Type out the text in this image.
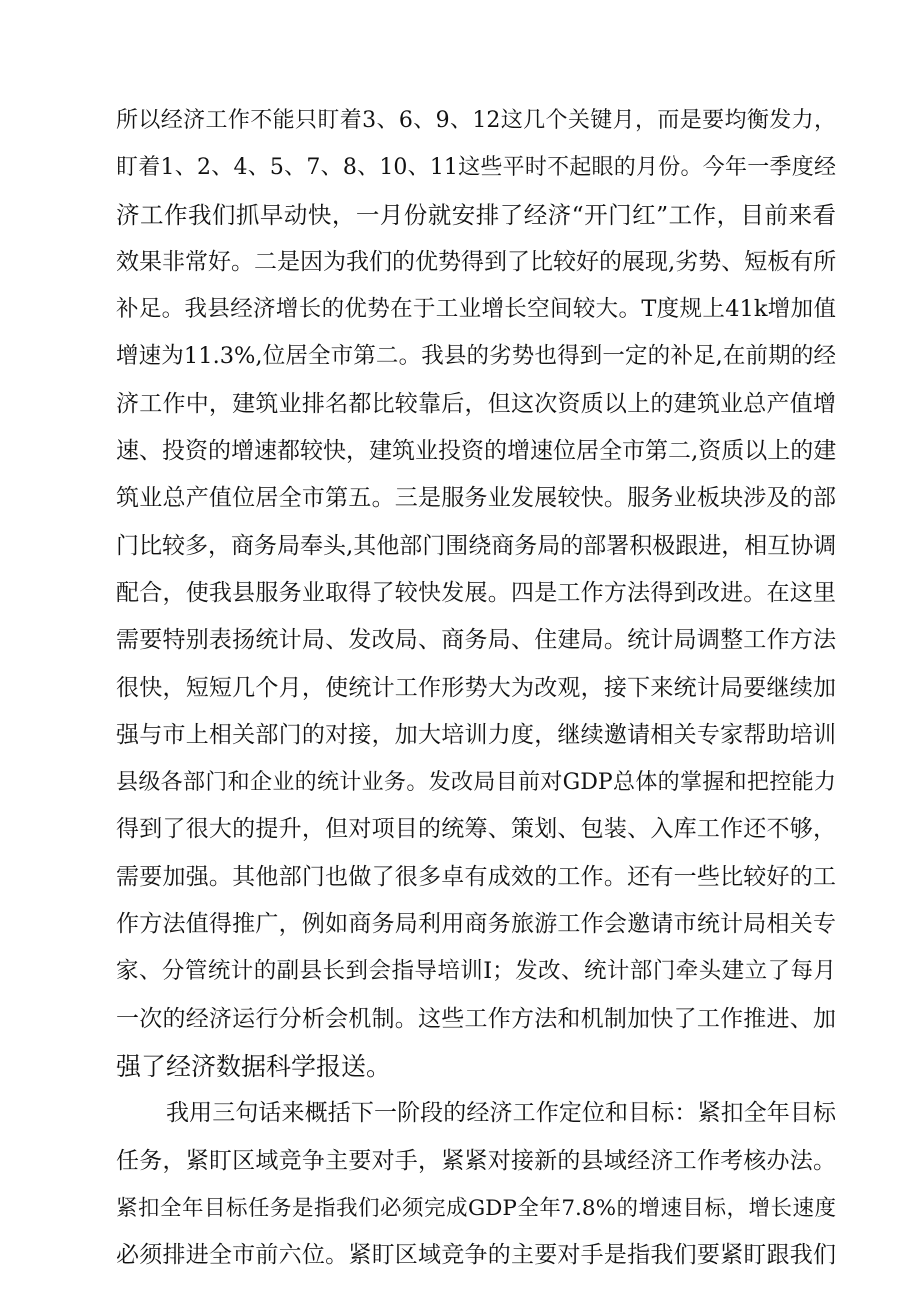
所以经济工作不能只盯着3、6、9、12这几个关键月，而是要均衡发力，
盯着1、2、4、5、7、8、10、11这些平时不起眼的月份。今年一季度经
济工作我们抓早动快，一月份就安排了经济“开门红”工作，目前来看
效果非常好。二是因为我们的优势得到了比较好的展现,劣势、短板有所
补足。我县经济增长的优势在于工业增长空间较大。T度规上41k增加值
增速为11.3%,位居全市第二。我县的劣势也得到一定的补足,在前期的经
济工作中，建筑业排名都比较靠后，但这次资质以上的建筑业总产值增
速、投资的增速都较快，建筑业投资的增速位居全市第二,资质以上的建
筑业总产值位居全市第五。三是服务业发展较快。服务业板块涉及的部
门比较多，商务局奉头,其他部门围绕商务局的部署积极跟进，相互协调
配合，使我县服务业取得了较快发展。四是工作方法得到改进。在这里
需要特别表扬统计局、发改局、商务局、住建局。统计局调整工作方法
很快，短短几个月，使统计工作形势大为改观，接下来统计局要继续加
强与市上相关部门的对接，加大培训力度，继续邀请相关专家帮助培训
县级各部门和企业的统计业务。发改局目前对GDP总体的掌握和把控能力
得到了很大的提升，但对项目的统筹、策划、包装、入库工作还不够，
需要加强。其他部门也做了很多卓有成效的工作。还有一些比较好的工
作方法值得推广，例如商务局利用商务旅游工作会邀请市统计局相关专
家、分管统计的副县长到会指导培训I；发改、统计部门牵头建立了每月
一次的经济运行分析会机制。这些工作方法和机制加快了工作推进、加
强了经济数据科学报送。
我用三句话来概括下一阶段的经济工作定位和目标：紧扣全年目标
任务，紧盯区域竞争主要对手，紧紧对接新的县域经济工作考核办法。
紧扣全年目标任务是指我们必须完成GDP全年7.8%的增速目标，增长速度
必须排进全市前六位。紧盯区域竞争的主要对手是指我们要紧盯跟我们
